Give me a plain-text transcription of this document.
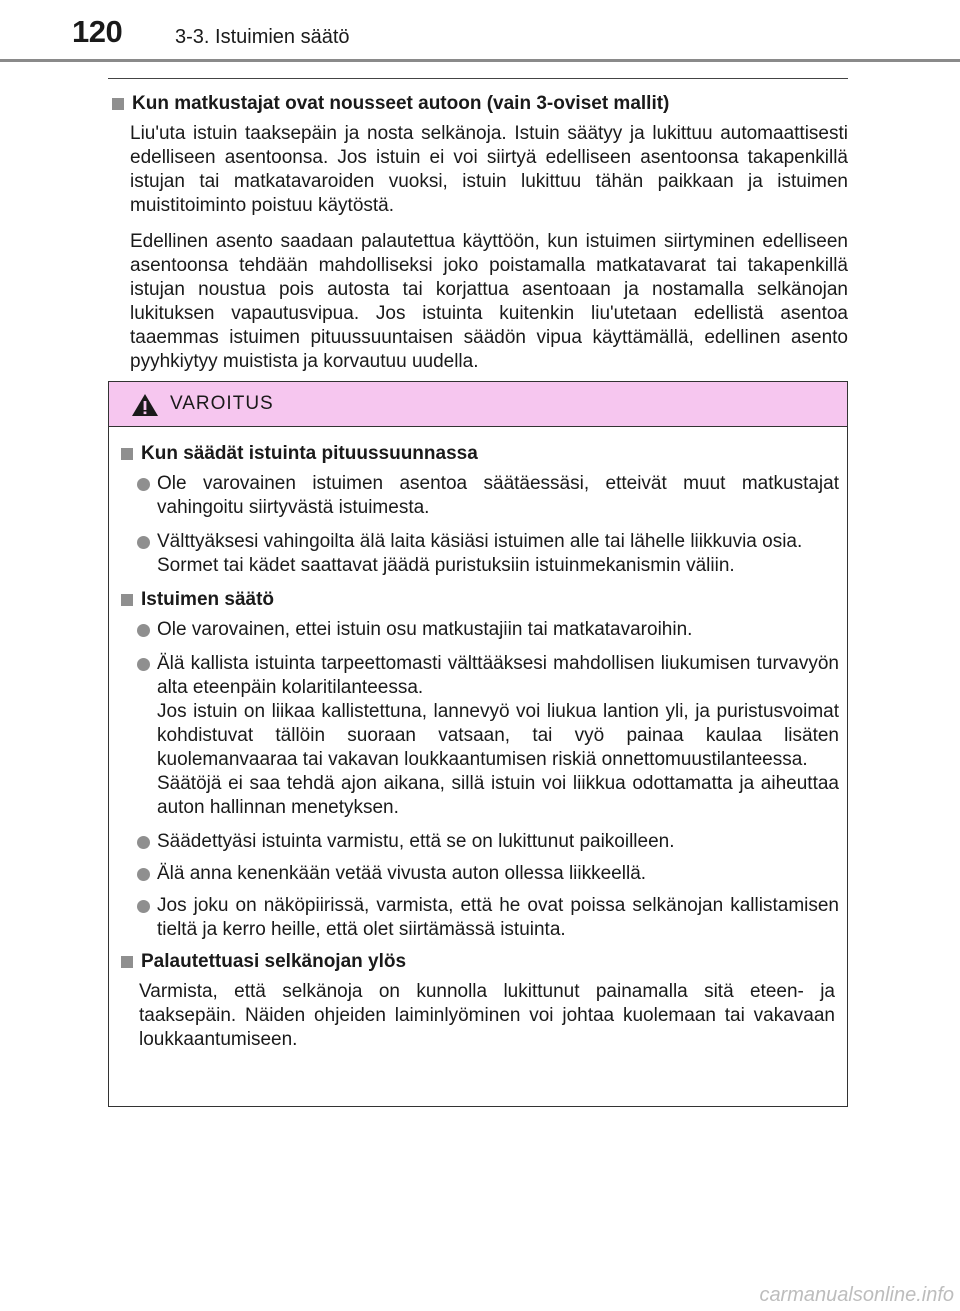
120	3-3. Istuimien säätö
Kun matkustajat ovat nousseet autoon (vain 3-oviset mallit)
Liu'uta istuin taaksepäin ja nosta selkänoja. Istuin säätyy ja lukittuu automaattisesti edelliseen asentoonsa. Jos istuin ei voi siirtyä edelliseen asentoonsa takapenkillä istujan tai matkatavaroiden vuoksi, istuin lukittuu tähän paikkaan ja istuimen muistitoiminto poistuu käytöstä.
Edellinen asento saadaan palautettua käyttöön, kun istuimen siirtyminen edelliseen asentoonsa tehdään mahdolliseksi joko poistamalla matkatavarat tai takapenkillä istujan noustua pois autosta tai korjattua asentoaan ja nostamalla selkänojan lukituksen vapautusvipua. Jos istuinta kuitenkin liu'utetaan edellistä asentoa taaemmas istuimen pituussuuntaisen säädön vipua käyttämällä, edellinen asento pyyhkiytyy muistista ja korvautuu uudella.
VAROITUS
Kun säädät istuinta pituussuunnassa
Ole varovainen istuimen asentoa säätäessäsi, etteivät muut matkustajat vahingoitu siirtyvästä istuimesta.
Välttyäksesi vahingoilta älä laita käsiäsi istuimen alle tai lähelle liikkuvia osia.
Sormet tai kädet saattavat jäädä puristuksiin istuinmekanismin väliin.
Istuimen säätö
Ole varovainen, ettei istuin osu matkustajiin tai matkatavaroihin.
Älä kallista istuinta tarpeettomasti välttääksesi mahdollisen liukumisen turvavyön alta eteenpäin kolaritilanteessa.
Jos istuin on liikaa kallistettuna, lannevyö voi liukua lantion yli, ja puristusvoimat kohdistuvat tällöin suoraan vatsaan, tai vyö painaa kaulaa lisäten kuolemanvaaraa tai vakavan loukkaantumisen riskiä onnettomuustilanteessa.
Säätöjä ei saa tehdä ajon aikana, sillä istuin voi liikkua odottamatta ja aiheuttaa auton hallinnan menetyksen.
Säädettyäsi istuinta varmistu, että se on lukittunut paikoilleen.
Älä anna kenenkään vetää vivusta auton ollessa liikkeellä.
Jos joku on näköpiirissä, varmista, että he ovat poissa selkänojan kallistamisen tieltä ja kerro heille, että olet siirtämässä istuinta.
Palautettuasi selkänojan ylös
Varmista, että selkänoja on kunnolla lukittunut painamalla sitä eteen- ja taaksepäin. Näiden ohjeiden laiminlyöminen voi johtaa kuolemaan tai vakavaan loukkaantumiseen.
carmanualsonline.info
